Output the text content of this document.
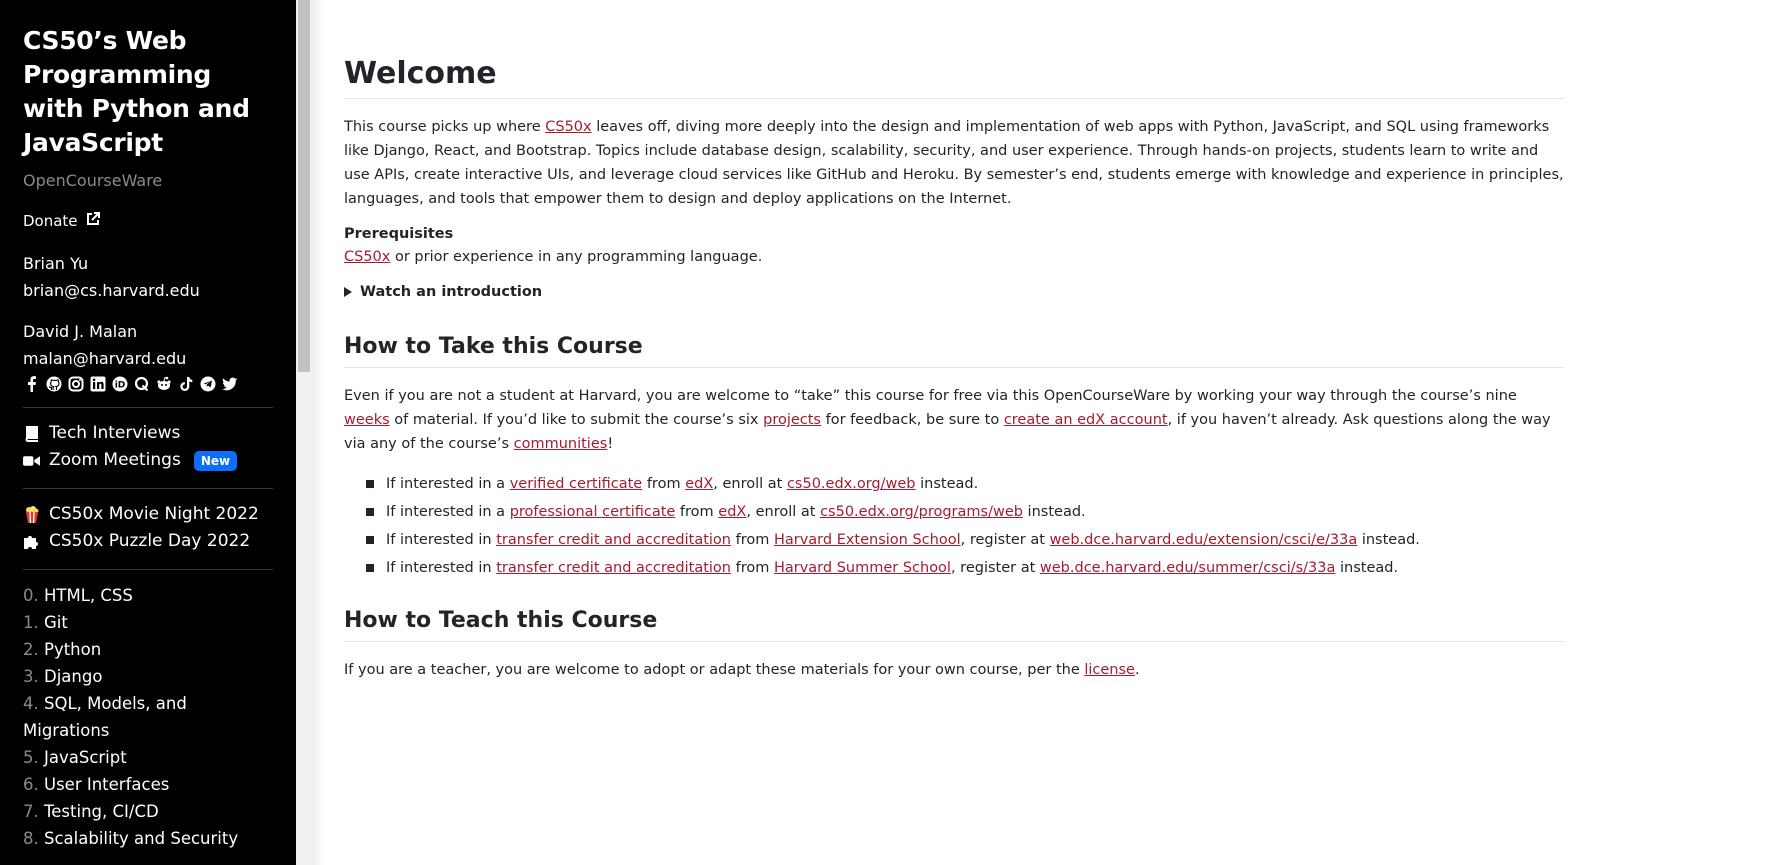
CS50’s Web Programming with Python and JavaScript
OpenCourseWare
Donate
Brian Yu
brian@cs.harvard.edu
David J. Malan
malan@harvard.edu
iD
Tech Interviews
Zoom Meetings	New
CS50x Movie Night 2022
CS50x Puzzle Day 2022
0. HTML, CSS
1. Git
2. Python
3. Django
4. SQL, Models, and Migrations
5. JavaScript
6. User Interfaces
7. Testing, CI/CD
8. Scalability and Security
Welcome

This course picks up where CS50x leaves off, diving more deeply into the design and implementation of web apps with Python, JavaScript, and SQL using frameworks like Django, React, and Bootstrap. Topics include database design, scalability, security, and user experience. Through hands-on projects, students learn to write and use APIs, create interactive UIs, and leverage cloud services like GitHub and Heroku. By semester’s end, students emerge with knowledge and experience in principles, languages, and tools that empower them to design and deploy applications on the Internet.

Prerequisites
CS50x or prior experience in any programming language.
Watch an introduction
How to Take this Course

Even if you are not a student at Harvard, you are welcome to “take” this course for free via this OpenCourseWare by working your way through the course’s nine weeks of material. If you’d like to submit the course’s six projects for feedback, be sure to create an edX account, if you haven’t already. Ask questions along the way via any of the course’s communities!

If interested in a verified certificate from edX, enroll at cs50.edx.org/web instead.
If interested in a professional certificate from edX, enroll at cs50.edx.org/programs/web instead.
If interested in transfer credit and accreditation from Harvard Extension School, register at web.dce.harvard.edu/extension/csci/e/33a instead.
If interested in transfer credit and accreditation from Harvard Summer School, register at web.dce.harvard.edu/summer/csci/s/33a instead.
How to Teach this Course

If you are a teacher, you are welcome to adopt or adapt these materials for your own course, per the license.
